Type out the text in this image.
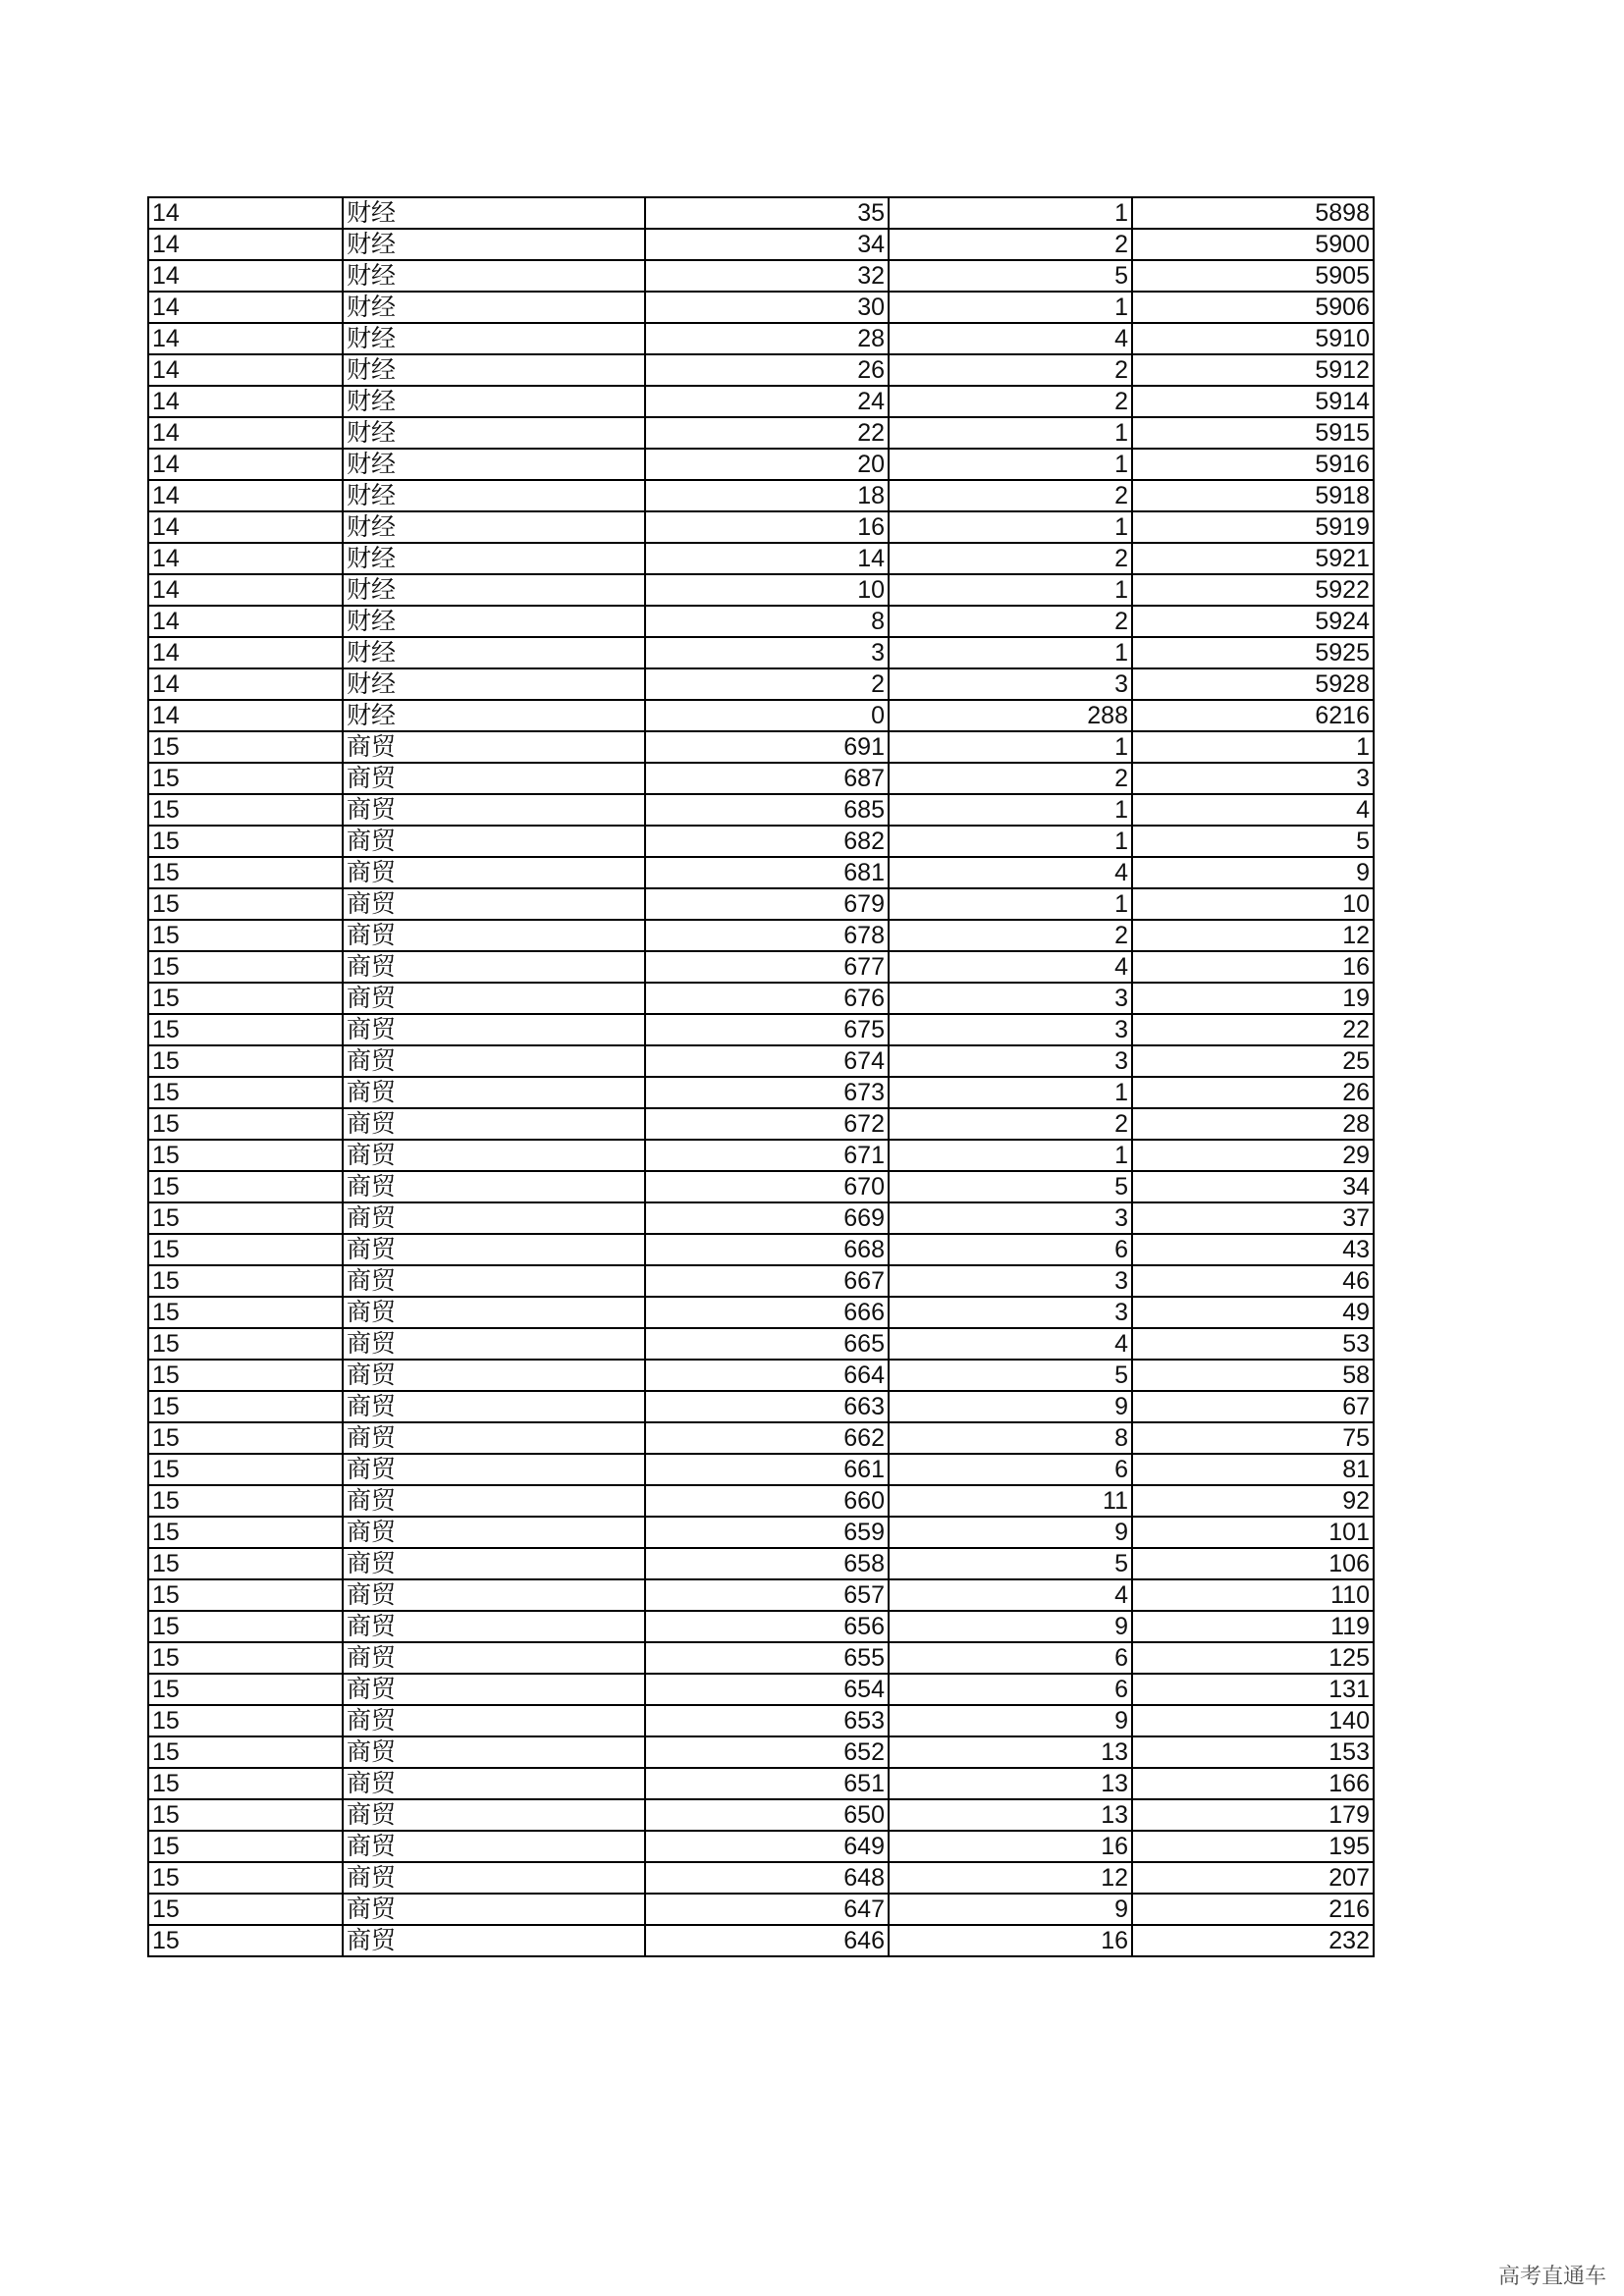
14	财经	35	1	5898
14	财经	34	2	5900
14	财经	32	5	5905
14	财经	30	1	5906
14	财经	28	4	5910
14	财经	26	2	5912
14	财经	24	2	5914
14	财经	22	1	5915
14	财经	20	1	5916
14	财经	18	2	5918
14	财经	16	1	5919
14	财经	14	2	5921
14	财经	10	1	5922
14	财经	8	2	5924
14	财经	3	1	5925
14	财经	2	3	5928
14	财经	0	288	6216
15	商贸	691	1	1
15	商贸	687	2	3
15	商贸	685	1	4
15	商贸	682	1	5
15	商贸	681	4	9
15	商贸	679	1	10
15	商贸	678	2	12
15	商贸	677	4	16
15	商贸	676	3	19
15	商贸	675	3	22
15	商贸	674	3	25
15	商贸	673	1	26
15	商贸	672	2	28
15	商贸	671	1	29
15	商贸	670	5	34
15	商贸	669	3	37
15	商贸	668	6	43
15	商贸	667	3	46
15	商贸	666	3	49
15	商贸	665	4	53
15	商贸	664	5	58
15	商贸	663	9	67
15	商贸	662	8	75
15	商贸	661	6	81
15	商贸	660	11	92
15	商贸	659	9	101
15	商贸	658	5	106
15	商贸	657	4	110
15	商贸	656	9	119
15	商贸	655	6	125
15	商贸	654	6	131
15	商贸	653	9	140
15	商贸	652	13	153
15	商贸	651	13	166
15	商贸	650	13	179
15	商贸	649	16	195
15	商贸	648	12	207
15	商贸	647	9	216
15	商贸	646	16	232
高考直通车
